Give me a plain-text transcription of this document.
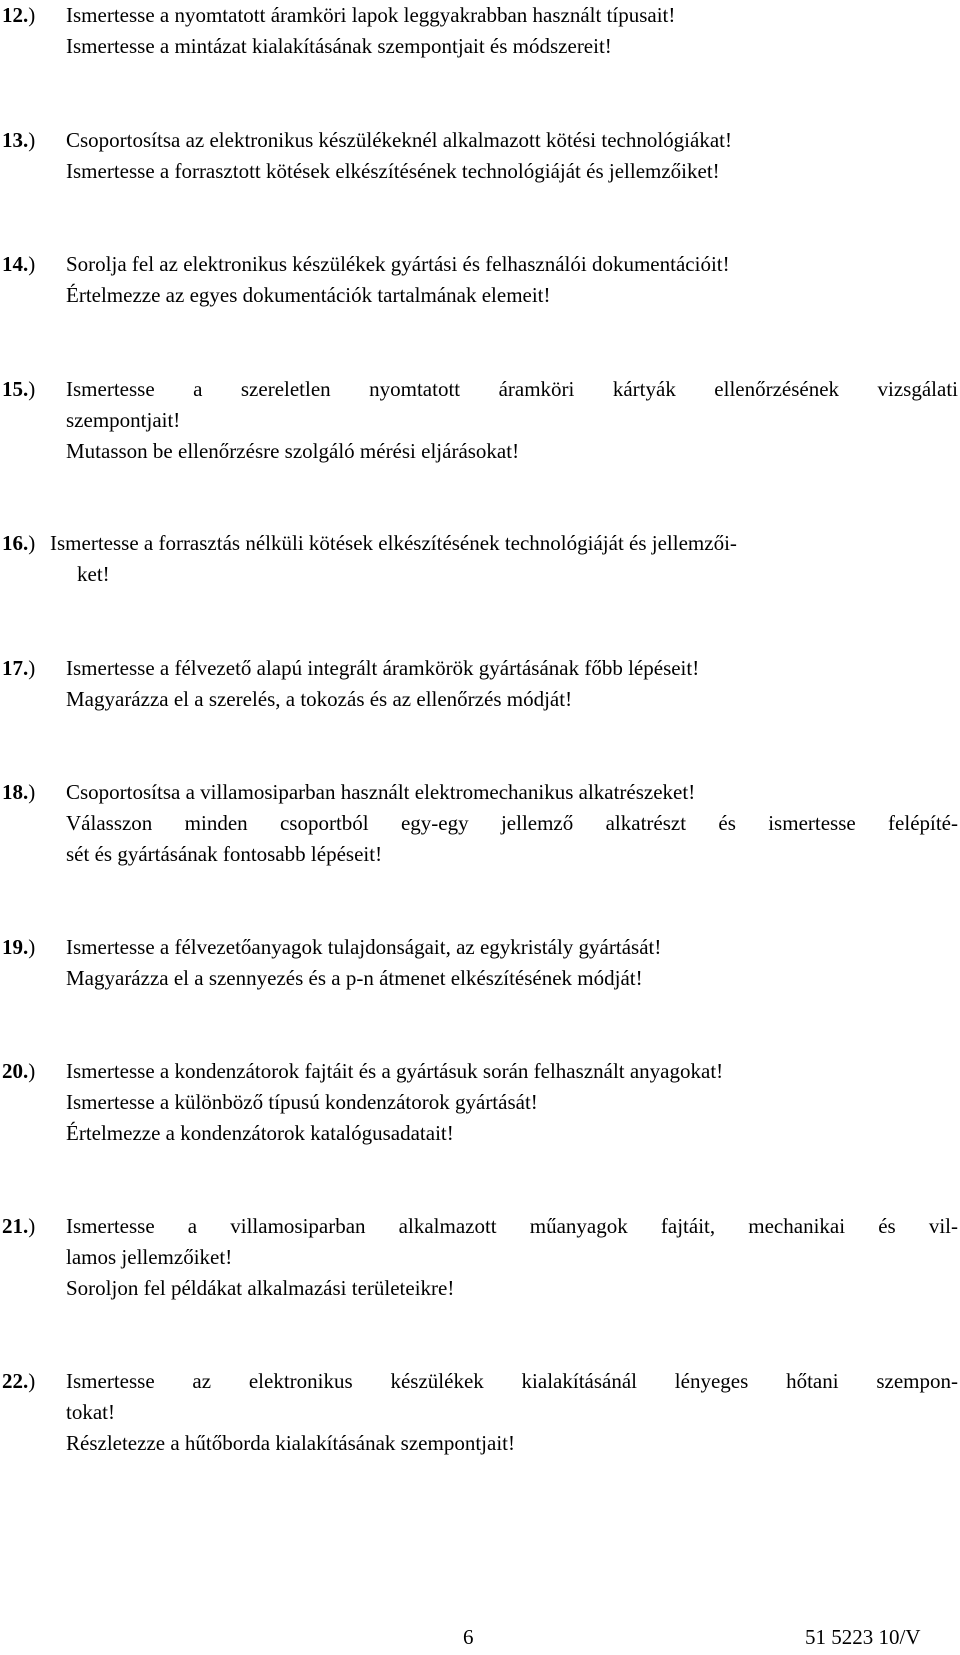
12.) Ismertesse a nyomtatott áramköri lapok leggyakrabban használt típusait!
Ismertesse a mintázat kialakításának szempontjait és módszereit!
13.) Csoportosítsa az elektronikus készülékeknél alkalmazott kötési technológiákat!
Ismertesse a forrasztott kötések elkészítésének technológiáját és jellemzőiket!
14.) Sorolja fel az elektronikus készülékek gyártási és felhasználói dokumentációit!
Értelmezze az egyes dokumentációk tartalmának elemeit!
15.) Ismertesse a szereletlen nyomtatott áramköri kártyák ellenőrzésének vizsgálati
szempontjait!
Mutasson be ellenőrzésre szolgáló mérési eljárásokat!
16.) Ismertesse a forrasztás nélküli kötések elkészítésének technológiáját és jellemzői-
ket!
17.) Ismertesse a félvezető alapú integrált áramkörök gyártásának főbb lépéseit!
Magyarázza el a szerelés, a tokozás és az ellenőrzés módját!
18.) Csoportosítsa a villamosiparban használt elektromechanikus alkatrészeket!
Válasszon minden csoportból egy-egy jellemző alkatrészt és ismertesse felépíté-
sét és gyártásának fontosabb lépéseit!
19.) Ismertesse a félvezetőanyagok tulajdonságait, az egykristály gyártását!
Magyarázza el a szennyezés és a p-n átmenet elkészítésének módját!
20.) Ismertesse a kondenzátorok fajtáit és a gyártásuk során felhasznált anyagokat!
Ismertesse a különböző típusú kondenzátorok gyártását!
Értelmezze a kondenzátorok katalógusadatait!
21.) Ismertesse a villamosiparban alkalmazott műanyagok fajtáit, mechanikai és vil-
lamos jellemzőiket!
Soroljon fel példákat alkalmazási területeikre!
22.) Ismertesse az elektronikus készülékek kialakításánál lényeges hőtani szempon-
tokat!
Részletezze a hűtőborda kialakításának szempontjait!
6	51 5223 10/V
